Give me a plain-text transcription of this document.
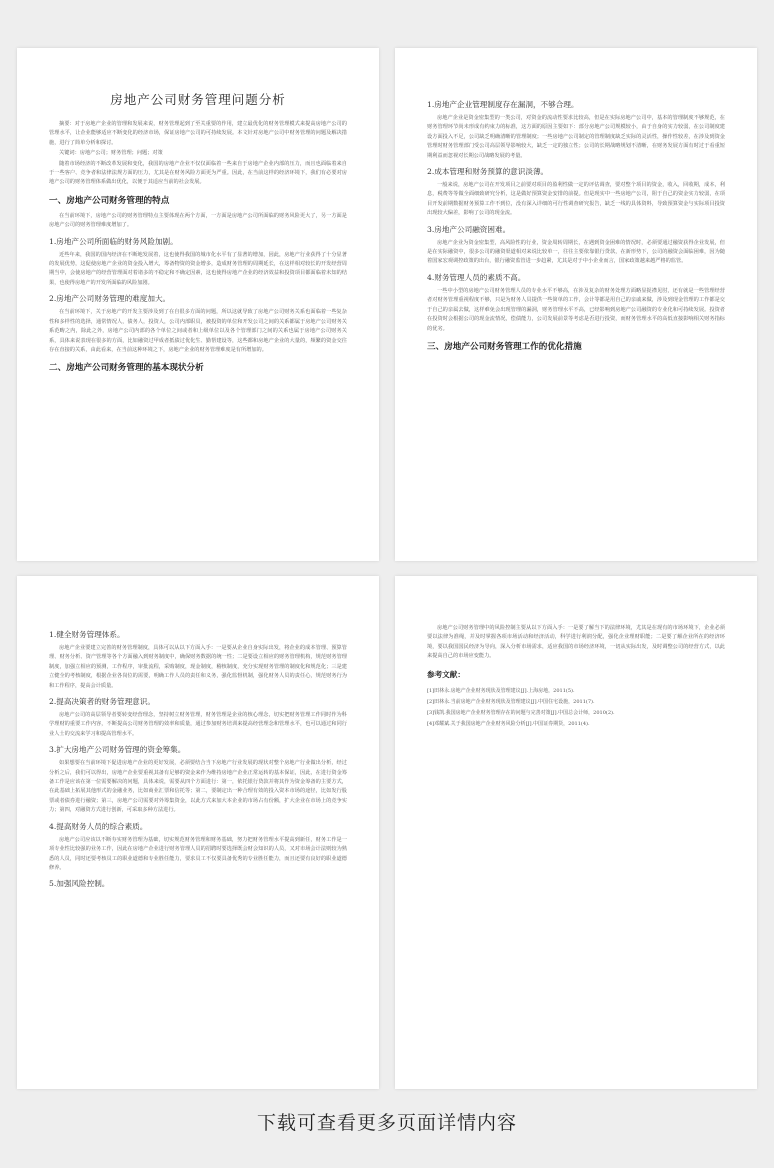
房地产公司财务管理问题分析
摘要：对于房地产企业的管理和发展来说，财务管理起到了至关重要的作用，建立最优化的财务管理模式来提高房地产公司的管理水平，让企业能够适应不断变化的经济市场，保证房地产公司的可持续发展。本文针对房地产公司中财务管理的问题及解决措施，进行了简单分析和探讨。
关键词：房地产公司；财务管理；问题；对策
随着市场经济的不断改革发展和变化，我国的房地产企业不仅仅面临着一些来自于房地产企业内部的压力，而且也面临着来自于一些客户、竞争者和法律法规方面的压力，尤其是在财务风险方面更为严重。因此，在当前这样的经济环境下，我们有必要对房地产公司的财务管理体系做出优化，以便于其适应当前的社会发展。
一、房地产公司财务管理的特点
在当前环境下，房地产公司的财务管理特点主要体现在两个方面，一方面是房地产公司所面临的财务风险更大了，另一方面是房地产公司的财务管理难度增加了。
1.房地产公司所面临的财务风险加剧。
近些年来，我国的国内经济在不断地发展着，这也使得我国的城市化水平有了显著的增加，因此，房地产行业获得了十分显著的发展优势，这促使房地产企业的资金投入增大，筹备物资的资金增多，造成财务管理的周期延长，在这样相对较长的开发经营周期当中，会使房地产的经营管理面对着诸多的不稳定和不确定因素，这也使得房地产企业的经济效益和投资项目都面临着未知的结果，也使得房地产的开发所面临的风险加剧。
2.房地产公司财务管理的难度加大。
在当前环境下，关于房地产的开发主要涉及到了在自很多方面的问题，所以这就导致了房地产公司财务关系也面临着一些复杂性和多样性的选择，通常情况人，债务人，投资人，公司内部职员，被投资的单位和开发公司之间的关系都属于房地产公司财务关系范畴之内，除此之外，房地产公司内部的各个单位之间或者和上级单位以及各个管理部门之间的关系也属于房地产公司财务关系，具体来说表现在很多的方面，比如融资过甲成者抵债过优化生、勤帮建设等，这些都和房地产企业的大量的，频繁的资金交往存在直接的关系，由此看来，在当前这种环境之下，房地产企业的财务管理难度是有所增加的。
二、房地产公司财务管理的基本现状分析
1.房地产企业管理制度存在漏洞，不够合理。
房地产企业是资金密集型的一类公司，对资金的流动性要求比较高，但是在实际房地产公司中，基本的管理制度不够规范，在财务管理环节尚未形成有约束力的标准，这方面的原因主要如下：部分房地产公司规模较小，由于自身的实力较弱，在公司制度建设方面投入不足，公司缺乏明确清晰的管理制度；一些房地产公司制定的管理制度缺乏实际的灵活性，操作性较差，在涉及到资金管理时财务管理部门受公司高层领导影响较大，缺乏一定的独立性；公司的长期战略规划不清晰，在财务发展方面有时过于看重短期利益而忽视对长期公司战略发展的考量。
2.成本管理和财务预算的意识淡薄。
一般来说，房地产公司在开发项目之前要对项目的盈利性做一定的评估调查，要对整个项目的资金，收入，回收期，成本，利息，税费等等做全面细致研究分析，这是做好预算资金安排的前提。但是现实中一些房地产公司，阻于自己的资金实力较弱，在项目开发前期数据财务预算工作不到位，没有深入详细的可行性调查研究报告，缺乏一线的具体资料，导致预算资金与实际项目投资出现较大偏差，影响了公司的现金流。
3.房地产公司融资困难。
房地产企业为资金密集型，高风险性的行业，资金周转周期长，在遇到资金困难的情况时，必须要通过融资获得企业发展，但是在实际融资中，很多公司的融资渠道相对来说比较单一，往往主要依靠银行贷款，在新形势下，公司的融资会面临困难，因为随着国家宏观调控政策的出台，银行融资监管进一步趋紧，尤其是对于中小企业而言，国家政策越来越严格的监管。
4.财务管理人员的素质不高。
一些中小型的房地产公司财务管理人员的专业水平不够高，在涉及复杂的财务处理方面略显捉襟见肘，还有就是一些管理经营者对财务管理重视程度不够，只是为财务人员提供一些简单的工作，会计等都是用自己的亲戚来做，涉及到现金管理的工作都是交于自己的亲属去做，这样难免会出现管理的漏洞，财务管理水平不高，已经影响到房地产公司融资的专业化和可持续发展。投资者在投资时会根据公司的现金流情况，偿债能力，公司发展前景等考虑是否进行投资，而财务管理水平的高低直接影响相关财务指标的优劣。
三、房地产公司财务管理工作的优化措施
1.健全财务管理体系。
房地产企业要建立完善的财务管理制度，具体可以从以下方面入手：一是要从企业自身实际出发，将企业的成本管理、预算管理、财务分析、资产管理等各个方面融入到财务制度中，确保财务数据的统一性；二是要设立相应的财务管理机构，规范财务管理制度，加强立相应的预测，工作程序，审批流程，采购制度，现金制度，稽核制度，充分实现财务管理的制度化和规范化；三是建立健全的考核制度，根据企业各岗位的需要，明确工作人员的责任和义务，强化监督机制，强化财务人员的责任心，规范财务行为和工作程序，提高会计质量。
2.提高决策者的财务管理意识。
房地产公司的高层领导者要转变经营理念，坚持树立财务管理，财务管理是企业的核心理念，切实把财务管理工作同时作为科学理财的重要工作内容，不断提高公司财务管理的效率和质量，通过参加财务培训来提高经营理念和管理水平，也可以通过和同行业人士的交流来学习和提高管理水平。
3.扩大房地产公司财务管理的资金筹集。
如果想要在当前环境下促进房地产企业的更好发展，必须要结合当下房地产行业发展的现状对整个房地产行业做出分析，经过分析之后，我们可以得出，房地产企业要重视其备有足够的资金来作为维持房地产企业正常运转的基本保证，因此，在进行资金筹备工作是应该在第一位需要解决的问题，具体来说，需要从四个方面进行：第一，依托银行贷款并将其作为资金筹备的主要方式，在此基础上拓展其他形式的金融业务，比如商业汇票和信托等；第二，要制定出一种合理有效的投入资本市场的途径，比如发行股票或者债券进行融资；第三，房地产公司需要对外筹集资金，以此方式来加大本企业的市场占有份额，扩大企业在市场上的竞争实力；第四，对融资方式进行创新，可采取多种方法进行。
4.提高财务人员的综合素质。
房地产公司应该以不断夯实财务管理为基础，切实规范财务管理和财务基础，努力把财务管理水平提高到新任，财务工作是一项专业性比较强的业务工作，因此在房地产企业进行财务管理人员的招聘时要选择既会财会知识的人员，又对市场会计法则较为熟悉的人员，同时还要考核员工的职业道德和专业胜任能力，要求员工不仅要具备优秀的专业胜任能力，而且还要有良好的职业道德修养。
5.加强风险控制。
房地产公司财务管理中的风险控制主要从以下方面入手：一是要了解当下的法律环境，尤其是在现有的市场环境下，企业必须要以法律为准绳，并及时掌握各项市场活动和经济活动，科学进行利润分配，强化企业理财职能；二是要了解企业所在的经济环境，要以我国国民经济为导向，深入分析市场需求，适应我国的市场经济环境，一切从实际出发，及时调整公司的经营方式，以此来提高自己的市场应变能力。
参考文献：
[1]田林永.房地产企业财务现状及管理建议[J].上海房地，2011(5).
[2]田林永.当前房地产企业财务现状及管理建议[J].中国住宅设施，2011(7).
[3]钱凯.我国房地产企业财务管理存在的问题与完善对策[J].中国总会计师，2010(2).
[4]邓耀斌.关于我国房地产企业财务风险分析[J].中国证券期货，2011(4).
下载可查看更多页面详情内容
